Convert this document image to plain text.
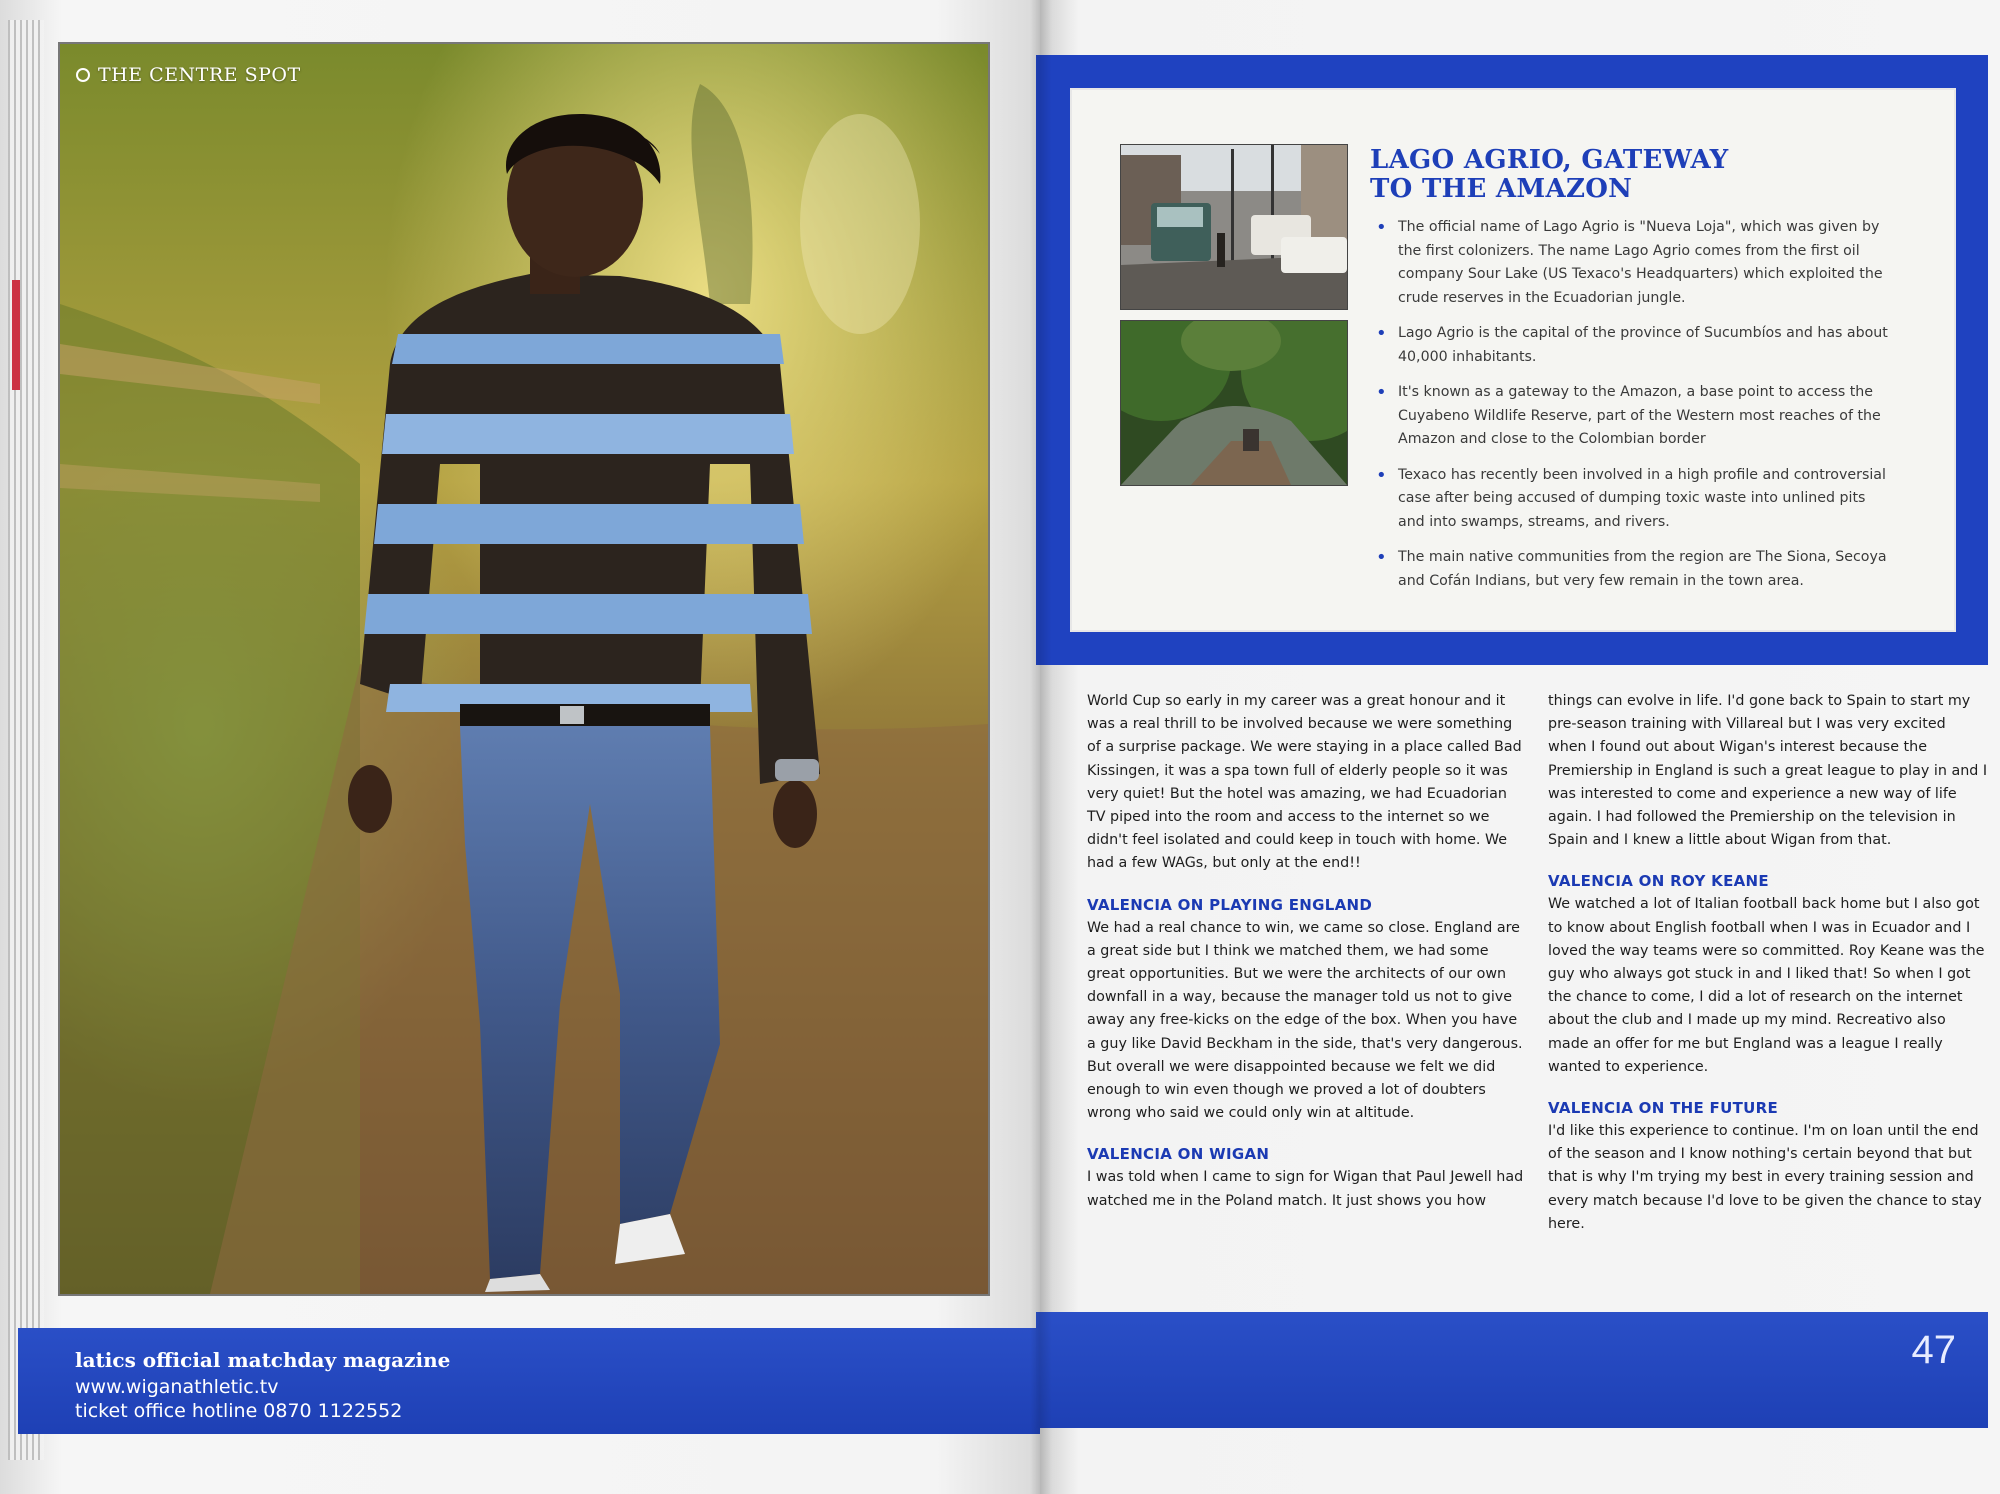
THE CENTRE SPOT
latics official matchday magazine
www.wiganathletic.tv
ticket office hotline 0870 1122552
LAGO AGRIO, GATEWAY
TO THE AMAZON
• The official name of Lago Agrio is "Nueva Loja", which was given by the first colonizers. The name Lago Agrio comes from the first oil company Sour Lake (US Texaco's Headquarters) which exploited the crude reserves in the Ecuadorian jungle.
• Lago Agrio is the capital of the province of Sucumbíos and has about 40,000 inhabitants.
• It's known as a gateway to the Amazon, a base point to access the Cuyabeno Wildlife Reserve, part of the Western most reaches of the Amazon and close to the Colombian border
• Texaco has recently been involved in a high profile and controversial case after being accused of dumping toxic waste into unlined pits and into swamps, streams, and rivers.
• The main native communities from the region are The Siona, Secoya and Cofán Indians, but very few remain in the town area.

World Cup so early in my career was a great honour and it was a real thrill to be involved because we were something of a surprise package. We were staying in a place called Bad Kissingen, it was a spa town full of elderly people so it was very quiet! But the hotel was amazing, we had Ecuadorian TV piped into the room and access to the internet so we didn't feel isolated and could keep in touch with home. We had a few WAGs, but only at the end!!

VALENCIA ON PLAYING ENGLAND

We had a real chance to win, we came so close. England are a great side but I think we matched them, we had some great opportunities. But we were the architects of our own downfall in a way, because the manager told us not to give away any free-kicks on the edge of the box. When you have a guy like David Beckham in the side, that's very dangerous. But overall we were disappointed because we felt we did enough to win even though we proved a lot of doubters wrong who said we could only win at altitude.

VALENCIA ON WIGAN

I was told when I came to sign for Wigan that Paul Jewell had watched me in the Poland match. It just shows you how

things can evolve in life. I'd gone back to Spain to start my pre-season training with Villareal but I was very excited when I found out about Wigan's interest because the Premiership in England is such a great league to play in and I was interested to come and experience a new way of life again. I had followed the Premiership on the television in Spain and I knew a little about Wigan from that.

VALENCIA ON ROY KEANE

We watched a lot of Italian football back home but I also got to know about English football when I was in Ecuador and I loved the way teams were so committed. Roy Keane was the guy who always got stuck in and I liked that! So when I got the chance to come, I did a lot of research on the internet about the club and I made up my mind. Recreativo also made an offer for me but England was a league I really wanted to experience.

VALENCIA ON THE FUTURE

I'd like this experience to continue. I'm on loan until the end of the season and I know nothing's certain beyond that but that is why I'm trying my best in every training session and every match because I'd love to be given the chance to stay here.

47
